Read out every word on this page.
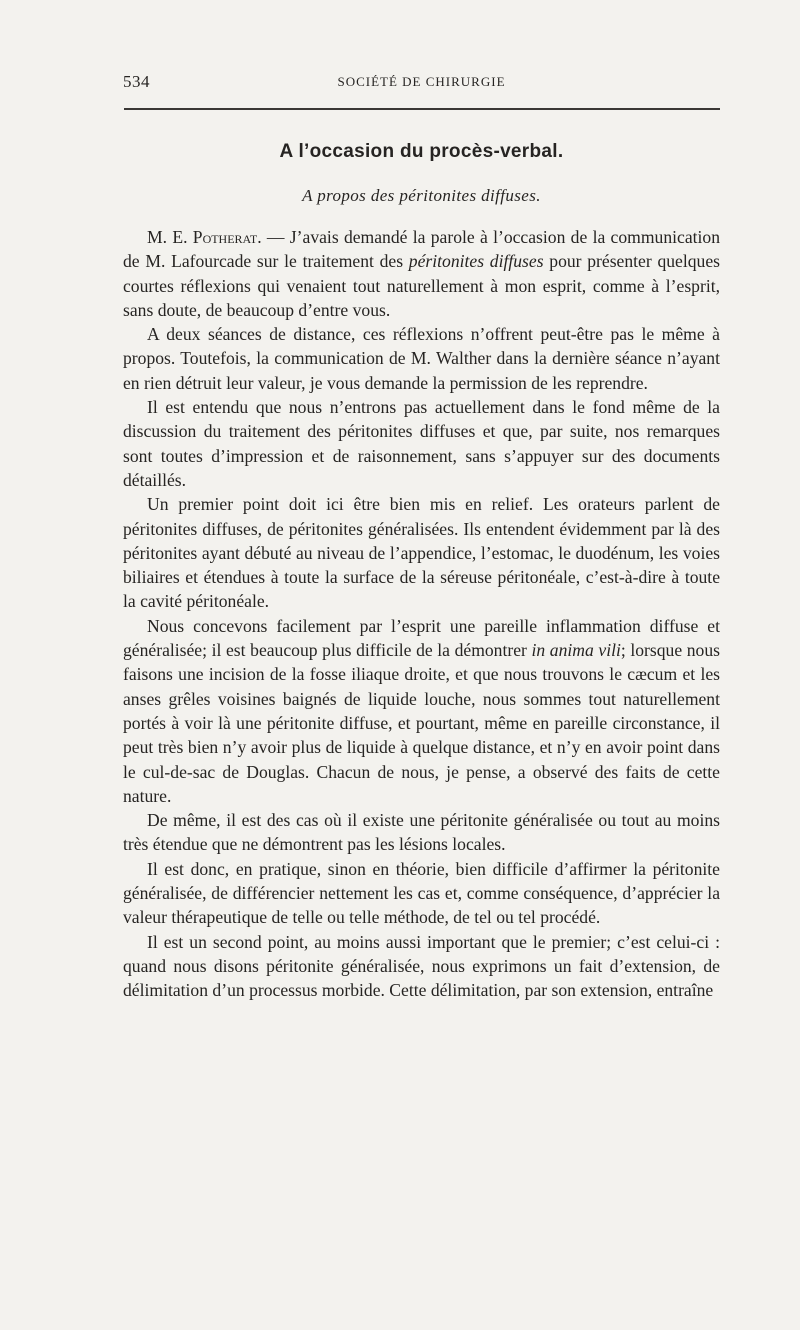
534	SOCIÉTÉ DE CHIRURGIE
A l’occasion du procès-verbal.
A propos des péritonites diffuses.

M. E. Potherat. — J’avais demandé la parole à l’occasion de la communication de M. Lafourcade sur le traitement des péritonites diffuses pour présenter quelques courtes réflexions qui venaient tout naturellement à mon esprit, comme à l’esprit, sans doute, de beaucoup d’entre vous.

A deux séances de distance, ces réflexions n’offrent peut-être pas le même à propos. Toutefois, la communication de M. Walther dans la dernière séance n’ayant en rien détruit leur valeur, je vous demande la permission de les reprendre.

Il est entendu que nous n’entrons pas actuellement dans le fond même de la discussion du traitement des péritonites diffuses et que, par suite, nos remarques sont toutes d’impression et de raisonnement, sans s’appuyer sur des documents détaillés.

Un premier point doit ici être bien mis en relief. Les orateurs parlent de péritonites diffuses, de péritonites généralisées. Ils entendent évidemment par là des péritonites ayant débuté au niveau de l’appendice, l’estomac, le duodénum, les voies biliaires et étendues à toute la surface de la séreuse péritonéale, c’est-à-dire à toute la cavité péritonéale.

Nous concevons facilement par l’esprit une pareille inflammation diffuse et généralisée; il est beaucoup plus difficile de la démontrer in anima vili; lorsque nous faisons une incision de la fosse iliaque droite, et que nous trouvons le cæcum et les anses grêles voisines baignés de liquide louche, nous sommes tout naturellement portés à voir là une péritonite diffuse, et pourtant, même en pareille circonstance, il peut très bien n’y avoir plus de liquide à quelque distance, et n’y en avoir point dans le cul-de-sac de Douglas. Chacun de nous, je pense, a observé des faits de cette nature.

De même, il est des cas où il existe une péritonite généralisée ou tout au moins très étendue que ne démontrent pas les lésions locales.

Il est donc, en pratique, sinon en théorie, bien difficile d’affirmer la péritonite généralisée, de différencier nettement les cas et, comme conséquence, d’apprécier la valeur thérapeutique de telle ou telle méthode, de tel ou tel procédé.

Il est un second point, au moins aussi important que le premier; c’est celui-ci : quand nous disons péritonite généralisée, nous exprimons un fait d’extension, de délimitation d’un processus morbide. Cette délimitation, par son extension, entraîne
